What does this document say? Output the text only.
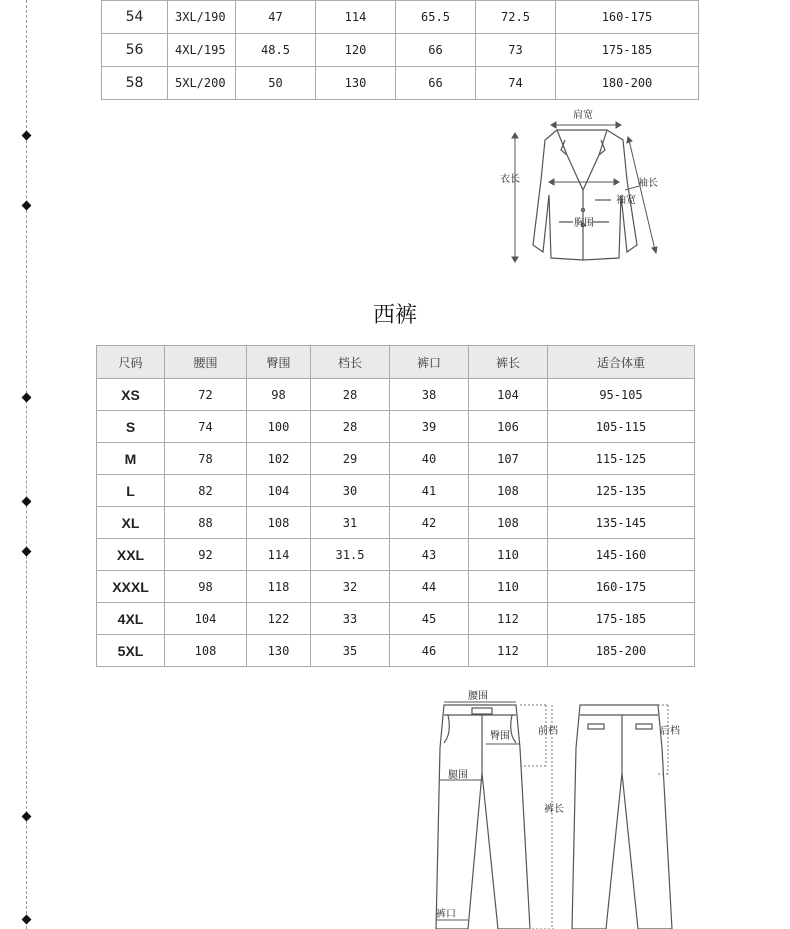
54	3XL/190	47	114	65.5	72.5	160-175
56	4XL/195	48.5	120	66	73	175-185
58	5XL/200	50	130	66	74	180-200
肩宽
衣长	袖长
袖宽
胸围
西裤
尺码	腰围	臀围	档长	裤口	裤长	适合体重
XS	72	98	28	38	104	95-105
S	74	100	28	39	106	105-115
M	78	102	29	40	107	115-125
L	82	104	30	41	108	125-135
XL	88	108	31	42	108	135-145
XXL	92	114	31.5	43	110	145-160
XXXL	98	118	32	44	110	160-175
4XL	104	122	33	45	112	175-185
5XL	108	130	35	46	112	185-200
腰围
臀围
腿围
裤口
前档
裤长
后档
